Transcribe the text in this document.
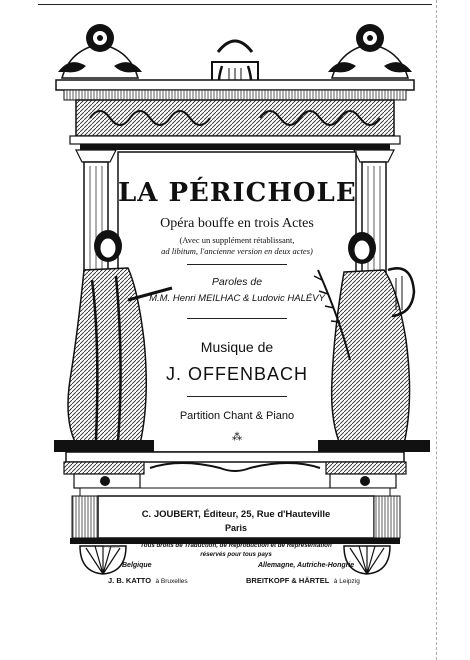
LA PÉRICHOLE
Opéra bouffe en trois Actes
(Avec un supplément rétablissant,
ad libitum, l'ancienne version en deux actes)
Paroles de
M.M. Henri MEILHAC & Ludovic HALÉVY
Musique de
J. OFFENBACH
Partition Chant & Piano
⁂
C. JOUBERT, Éditeur, 25, Rue d'Hauteville
Paris
P. Bineté	Tous droits de Traduction, de Reproduction et de Représentation
réservés pour tous pays
Belgique
J. B. KATTO à Bruxelles
Allemagne, Autriche-Hongrie
BREITKOPF & HÄRTEL à Leipzig
